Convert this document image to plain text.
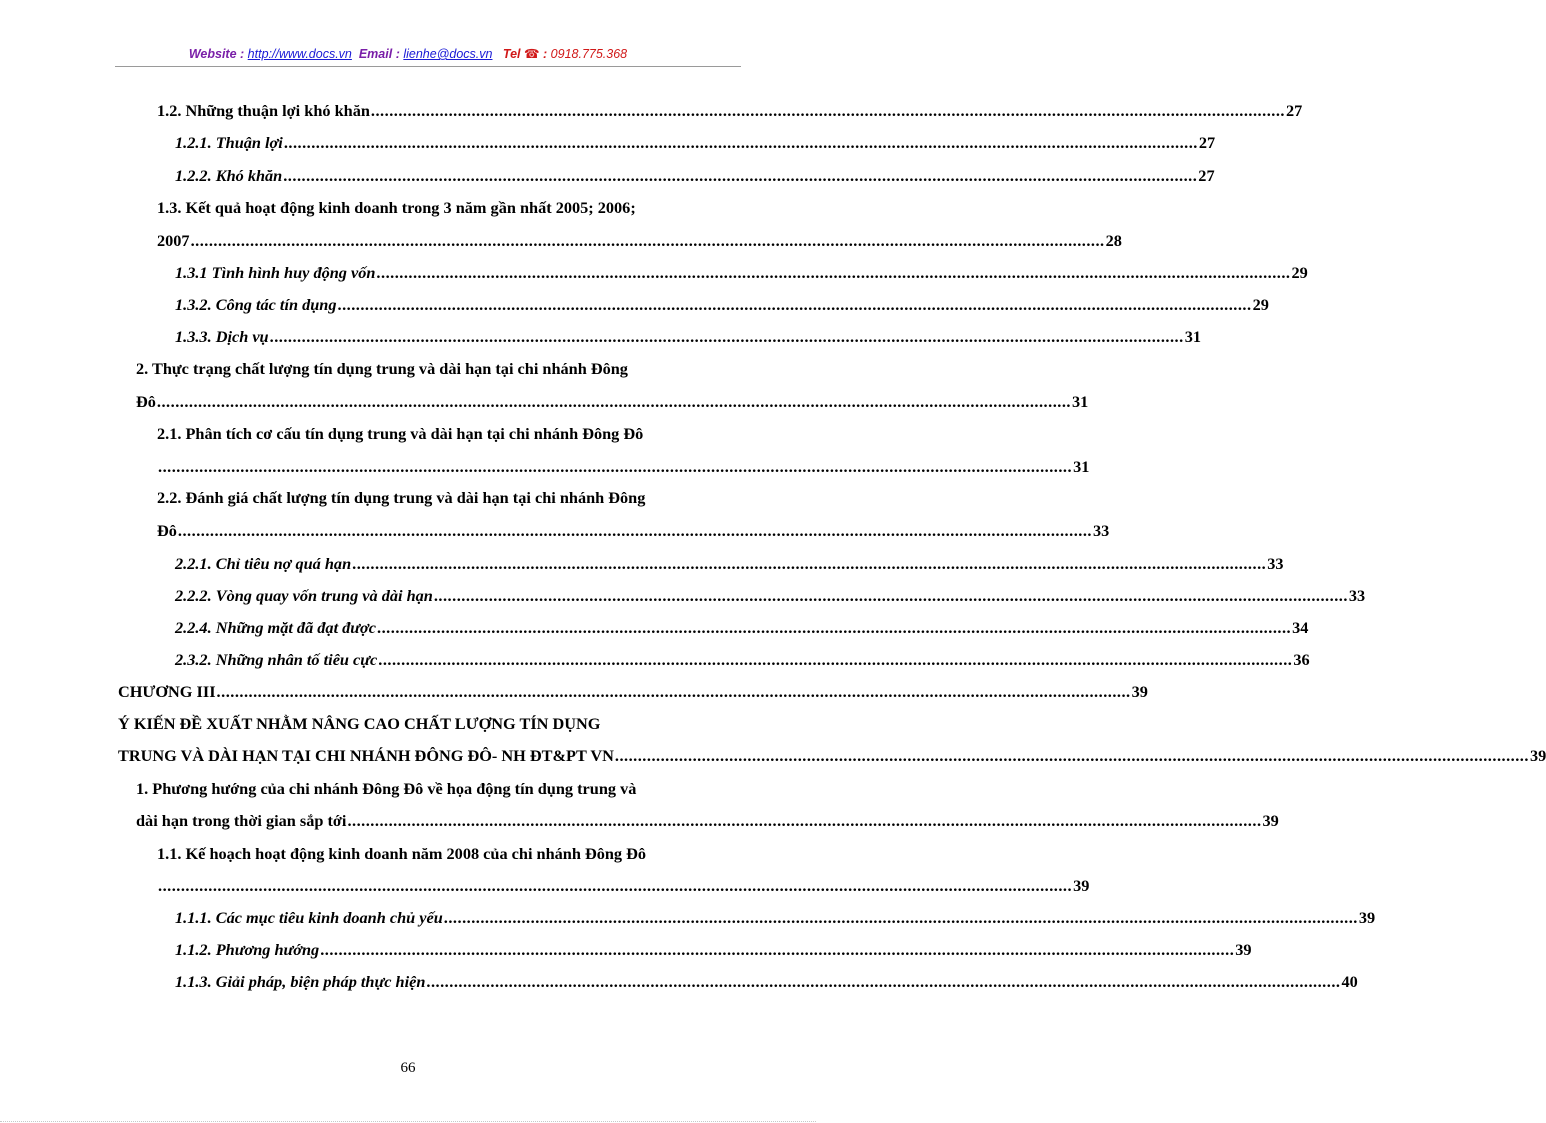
Website : http://www.docs.vn Email : lienhe@docs.vn Tel ☎ : 0918.775.368
1.2. Những thuận lợi khó khăn ........................................................................................................................................................................................................ 27
1.2.1. Thuận lợi ........................................................................................................................................................................................................ 27
1.2.2. Khó khăn ........................................................................................................................................................................................................ 27
1.3. Kết quả hoạt động kinh doanh trong 3 năm gần nhất 2005; 2006;
2007 ........................................................................................................................................................................................................ 28
1.3.1 Tình hình huy động vốn ........................................................................................................................................................................................................ 29
1.3.2. Công tác tín dụng ........................................................................................................................................................................................................ 29
1.3.3. Dịch vụ ........................................................................................................................................................................................................ 31
2. Thực trạng chất lượng tín dụng trung và dài hạn tại chi nhánh Đông
Đô ........................................................................................................................................................................................................ 31
2.1. Phân tích cơ cấu tín dụng trung và dài hạn tại chi nhánh Đông Đô
........................................................................................................................................................................................................ 31
2.2. Đánh giá chất lượng tín dụng trung và dài hạn tại chi nhánh Đông
Đô ........................................................................................................................................................................................................ 33
2.2.1. Chỉ tiêu nợ quá hạn ........................................................................................................................................................................................................ 33
2.2.2. Vòng quay vốn trung và dài hạn ........................................................................................................................................................................................................ 33
2.2.4. Những mặt đã đạt được ........................................................................................................................................................................................................ 34
2.3.2. Những nhân tố tiêu cực ........................................................................................................................................................................................................ 36
CHƯƠNG III ........................................................................................................................................................................................................ 39
Ý KIẾN ĐỀ XUẤT NHẰM NÂNG CAO CHẤT LƯỢNG TÍN DỤNG
TRUNG VÀ DÀI HẠN TẠI CHI NHÁNH ĐÔNG ĐÔ- NH ĐT&PT VN ........................................................................................................................................................................................................ 39
1. Phương hướng của chi nhánh Đông Đô về họa động tín dụng trung và
dài hạn trong thời gian sắp tới ........................................................................................................................................................................................................ 39
1.1. Kế hoạch hoạt động kinh doanh năm 2008 của chi nhánh Đông Đô
........................................................................................................................................................................................................ 39
1.1.1. Các mục tiêu kinh doanh chủ yếu ........................................................................................................................................................................................................ 39
1.1.2. Phương hướng ........................................................................................................................................................................................................ 39
1.1.3. Giải pháp, biện pháp thực hiện ........................................................................................................................................................................................................ 40
66
